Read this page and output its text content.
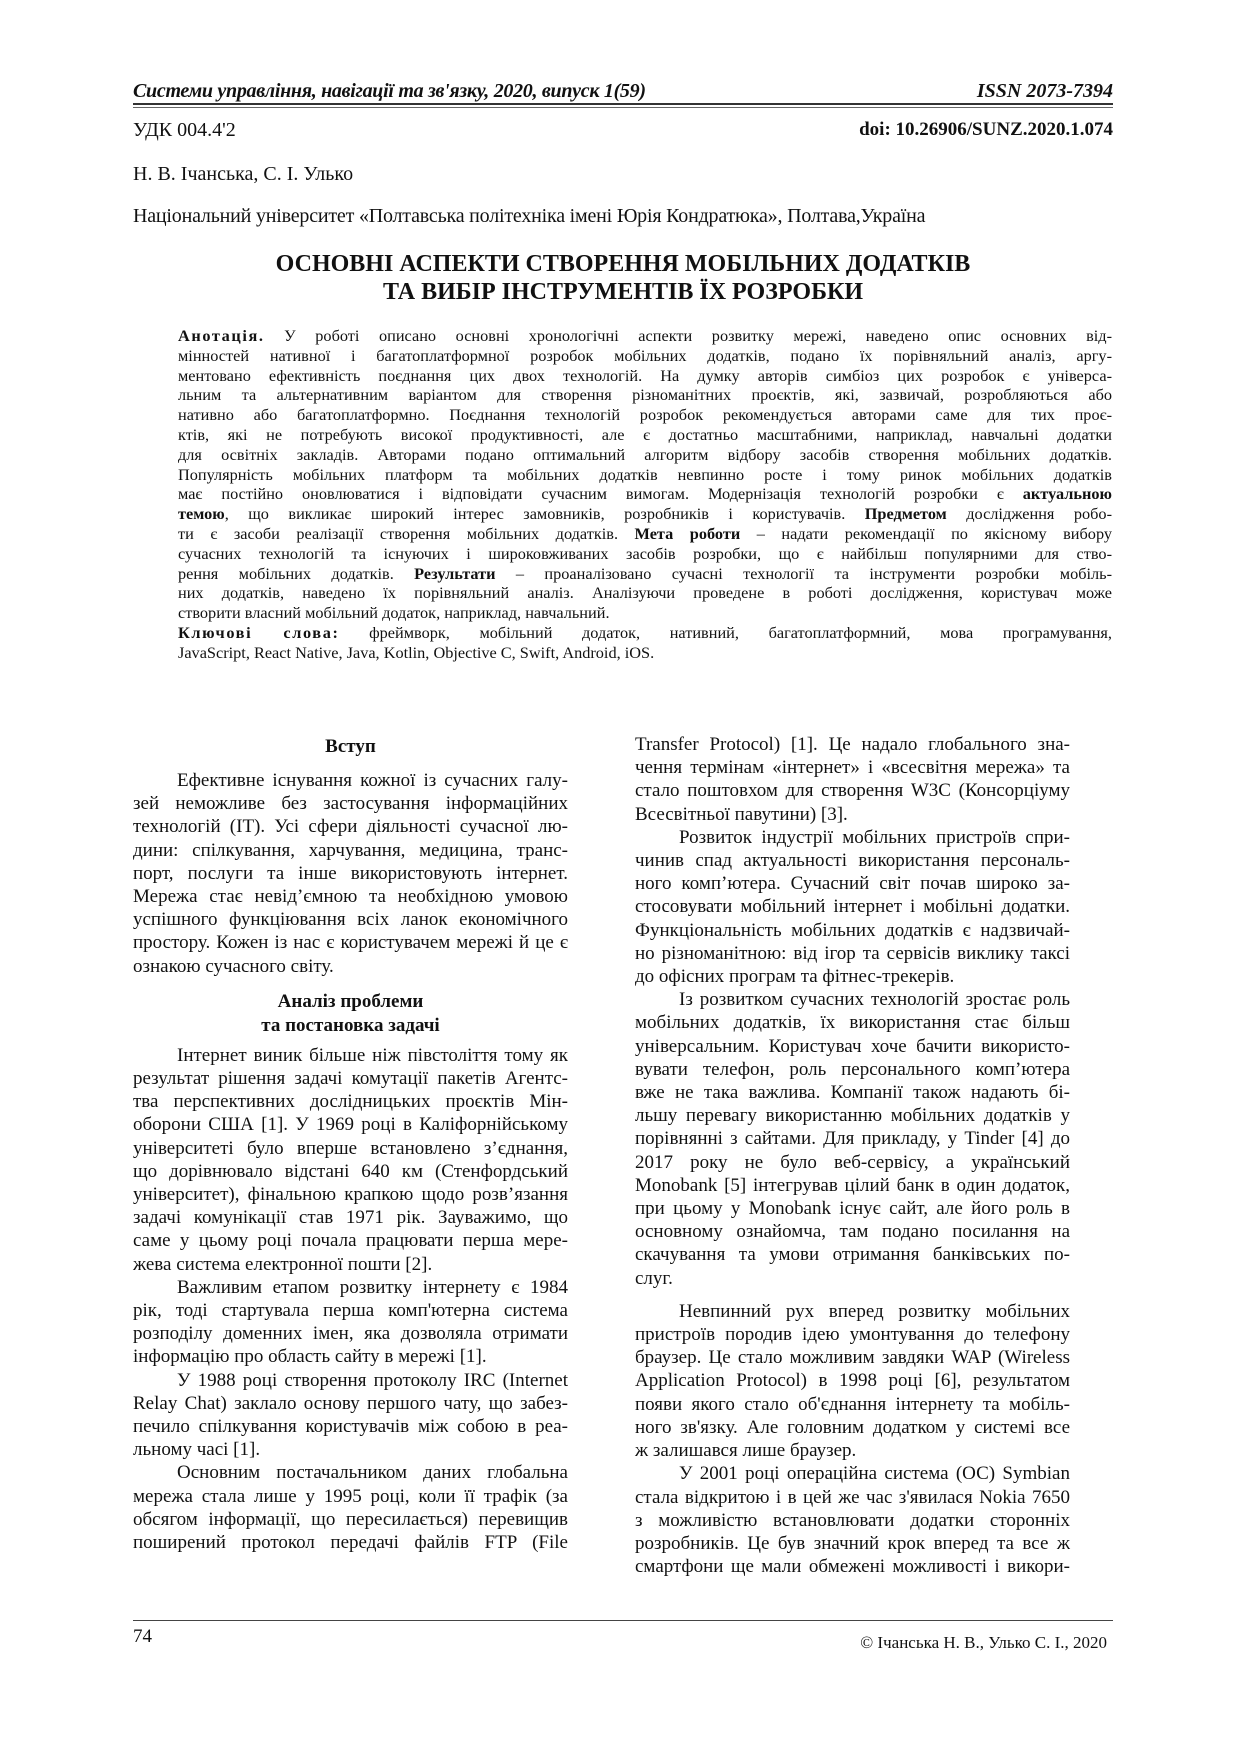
Системи управління, навігації та зв'язку, 2020, випуск 1(59)	ISSN 2073-7394
УДК 004.4'2	doi: 10.26906/SUNZ.2020.1.074
Н. В. Ічанська, С. І. Улько
Національний університет «Полтавська політехніка імені Юрія Кондратюка», Полтава,Україна
ОСНОВНІ АСПЕКТИ СТВОРЕННЯ МОБІЛЬНИХ ДОДАТКІВ
ТА ВИБІР ІНСТРУМЕНТІВ ЇХ РОЗРОБКИ
Анотація. У роботі описано основні хронологічні аспекти розвитку мережі, наведено опис основних від-
мінностей нативної і багатоплатформної розробок мобільних додатків, подано їх порівняльний аналіз, аргу-
ментовано ефективність поєднання цих двох технологій. На думку авторів симбіоз цих розробок є універса-
льним та альтернативним варіантом для створення різноманітних проєктів, які, зазвичай, розробляються або
нативно або багатоплатформно. Поєднання технологій розробок рекомендується авторами саме для тих проє-
ктів, які не потребують високої продуктивності, але є достатньо масштабними, наприклад, навчальні додатки
для освітніх закладів. Авторами подано оптимальний алгоритм відбору засобів створення мобільних додатків.
Популярність мобільних платформ та мобільних додатків невпинно росте і тому ринок мобільних додатків
має постійно оновлюватися і відповідати сучасним вимогам. Модернізація технологій розробки є актуальною
темою, що викликає широкий інтерес замовників, розробників і користувачів. Предметом дослідження робо-
ти є засоби реалізації створення мобільних додатків. Мета роботи – надати рекомендації по якісному вибору
сучасних технологій та існуючих і широковживаних засобів розробки, що є найбільш популярними для ство-
рення мобільних додатків. Результати – проаналізовано сучасні технології та інструменти розробки мобіль-
них додатків, наведено їх порівняльний аналіз. Аналізуючи проведене в роботі дослідження, користувач може
створити власний мобільний додаток, наприклад, навчальний.
Ключові слова: фреймворк, мобільний додаток, нативний, багатоплатформний, мова програмування,
JavaScript, React Native, Java, Kotlin, Objective C, Swift, Android, iOS.
Вступ
Ефективне існування кожної із сучасних галу-
зей неможливе без застосування інформаційних
технологій (ІТ). Усі сфери діяльності сучасної лю-
дини: спілкування, харчування, медицина, транс-
порт, послуги та інше використовують інтернет.
Мережа стає невід’ємною та необхідною умовою
успішного функціювання всіх ланок економічного
простору. Кожен із нас є користувачем мережі й це є
ознакою сучасного світу.
Аналіз проблеми
та постановка задачі
Інтернет виник більше ніж півстоліття тому як
результат рішення задачі комутації пакетів Агентс-
тва перспективних дослідницьких проєктів Мін-
оборони США [1]. У 1969 році в Каліфорнійському
університеті було вперше встановлено з’єднання,
що дорівнювало відстані 640 км (Стенфордський
університет), фінальною крапкою щодо розв’язання
задачі комунікації став 1971 рік. Зауважимо, що
саме у цьому році почала працювати перша мере-
жева система електронної пошти [2].
Важливим етапом розвитку інтернету є 1984
рік, тоді стартувала перша комп'ютерна система
розподілу доменних імен, яка дозволяла отримати
інформацію про область сайту в мережі [1].
У 1988 році створення протоколу IRC (Internet
Relay Chat) заклало основу першого чату, що забез-
печило спілкування користувачів між собою в реа-
льному часі [1].
Основним постачальником даних глобальна
мережа стала лише у 1995 році, коли її трафік (за
обсягом інформації, що пересилається) перевищив
поширений протокол передачі файлів FTP (File
Transfer Protocol) [1]. Це надало глобального зна-
чення термінам «інтернет» і «всесвітня мережа» та
стало поштовхом для створення W3C (Консорціуму
Всесвітньої павутини) [3].
Розвиток індустрії мобільних пристроїв спри-
чинив спад актуальності використання персональ-
ного комп’ютера. Сучасний світ почав широко за-
стосовувати мобільний інтернет і мобільні додатки.
Функціональність мобільних додатків є надзвичай-
но різноманітною: від ігор та сервісів виклику таксі
до офісних програм та фітнес-трекерів.
Із розвитком сучасних технологій зростає роль
мобільних додатків, їх використання стає більш
універсальним. Користувач хоче бачити використо-
вувати телефон, роль персонального комп’ютера
вже не така важлива. Компанії також надають бі-
льшу перевагу використанню мобільних додатків у
порівнянні з сайтами. Для прикладу, у Tinder [4] до
2017 року не було веб-сервісу, а український
Monobank [5] інтегрував цілий банк в один додаток,
при цьому у Monobank існує сайт, але його роль в
основному ознайомча, там подано посилання на
скачування та умови отримання банківських по-
слуг.
Невпинний рух вперед розвитку мобільних
пристроїв породив ідею умонтування до телефону
браузер. Це стало можливим завдяки WAP (Wireless
Application Protocol) в 1998 році [6], результатом
появи якого стало об'єднання інтернету та мобіль-
ного зв'язку. Але головним додатком у системі все
ж залишався лише браузер.
У 2001 році операційна система (ОС) Symbian
стала відкритою і в цей же час з'явилася Nokia 7650
з можливістю встановлювати додатки сторонніх
розробників. Це був значний крок вперед та все ж
смартфони ще мали обмежені можливості і викори-
74	© Ічанська Н. В., Улько С. І., 2020
